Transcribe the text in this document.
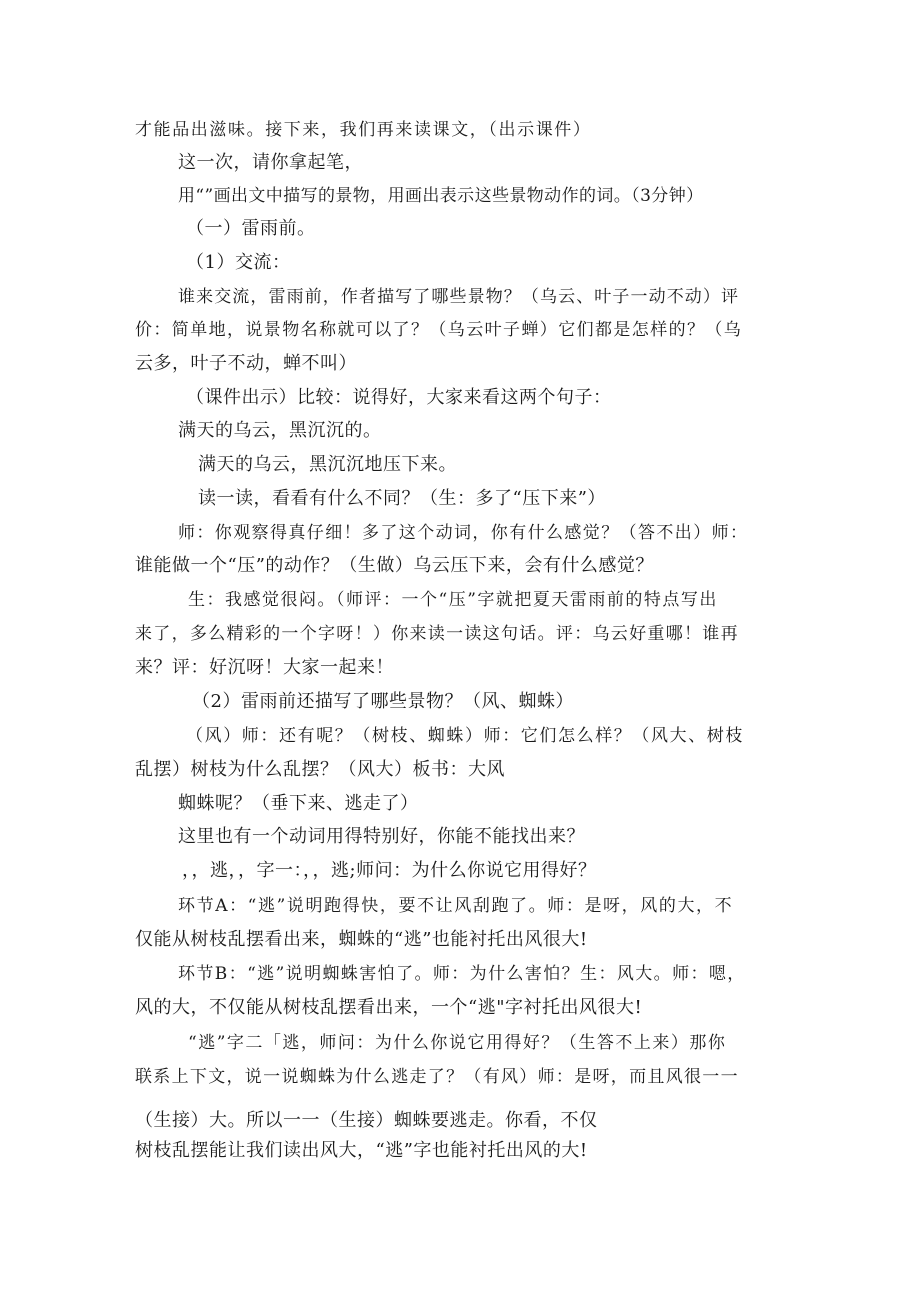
才能品出滋味。接下来，我们再来读课文，（出示课件）
这一次，请你拿起笔，
用“”画出文中描写的景物，用画出表示这些景物动作的词。（3分钟）
（一）雷雨前。
（1）交流：
谁来交流，雷雨前，作者描写了哪些景物？（乌云、叶子一动不动）评
价：简单地，说景物名称就可以了？（乌云叶子蝉）它们都是怎样的？（乌
云多，叶子不动，蝉不叫）
（课件出示）比较：说得好，大家来看这两个句子：
满天的乌云，黑沉沉的。
满天的乌云，黑沉沉地压下来。
读一读，看看有什么不同？（生：多了“压下来”）
师：你观察得真仔细！多了这个动词，你有什么感觉？（答不出）师：
谁能做一个“压”的动作？（生做）乌云压下来，会有什么感觉？
生：我感觉很闷。（师评：一个“压”字就把夏天雷雨前的特点写出
来了，多么精彩的一个字呀！）你来读一读这句话。评：乌云好重哪！谁再
来？评：好沉呀！大家一起来！
（2）雷雨前还描写了哪些景物？（风、蜘蛛）
（风）师：还有呢？（树枝、蜘蛛）师：它们怎么样？（风大、树枝
乱摆）树枝为什么乱摆？（风大）板书：大风
蜘蛛呢？（垂下来、逃走了）
这里也有一个动词用得特别好，你能不能找出来？
，，逃，，字一：，，逃;师问：为什么你说它用得好？
环节A：“逃”说明跑得快，要不让风刮跑了。师：是呀，风的大，不
仅能从树枝乱摆看出来，蜘蛛的“逃”也能衬托出风很大!
环节B：“逃”说明蜘蛛害怕了。师：为什么害怕？生：风大。师：嗯，
风的大，不仅能从树枝乱摆看出来，一个“逃"字衬托出风很大!
“逃”字二「逃，师问：为什么你说它用得好？（生答不上来）那你
联系上下文，说一说蜘蛛为什么逃走了？（有风）师：是呀，而且风很一一
（生接）大。所以一一（生接）蜘蛛要逃走。你看，不仅
树枝乱摆能让我们读出风大，“逃”字也能衬托出风的大!
